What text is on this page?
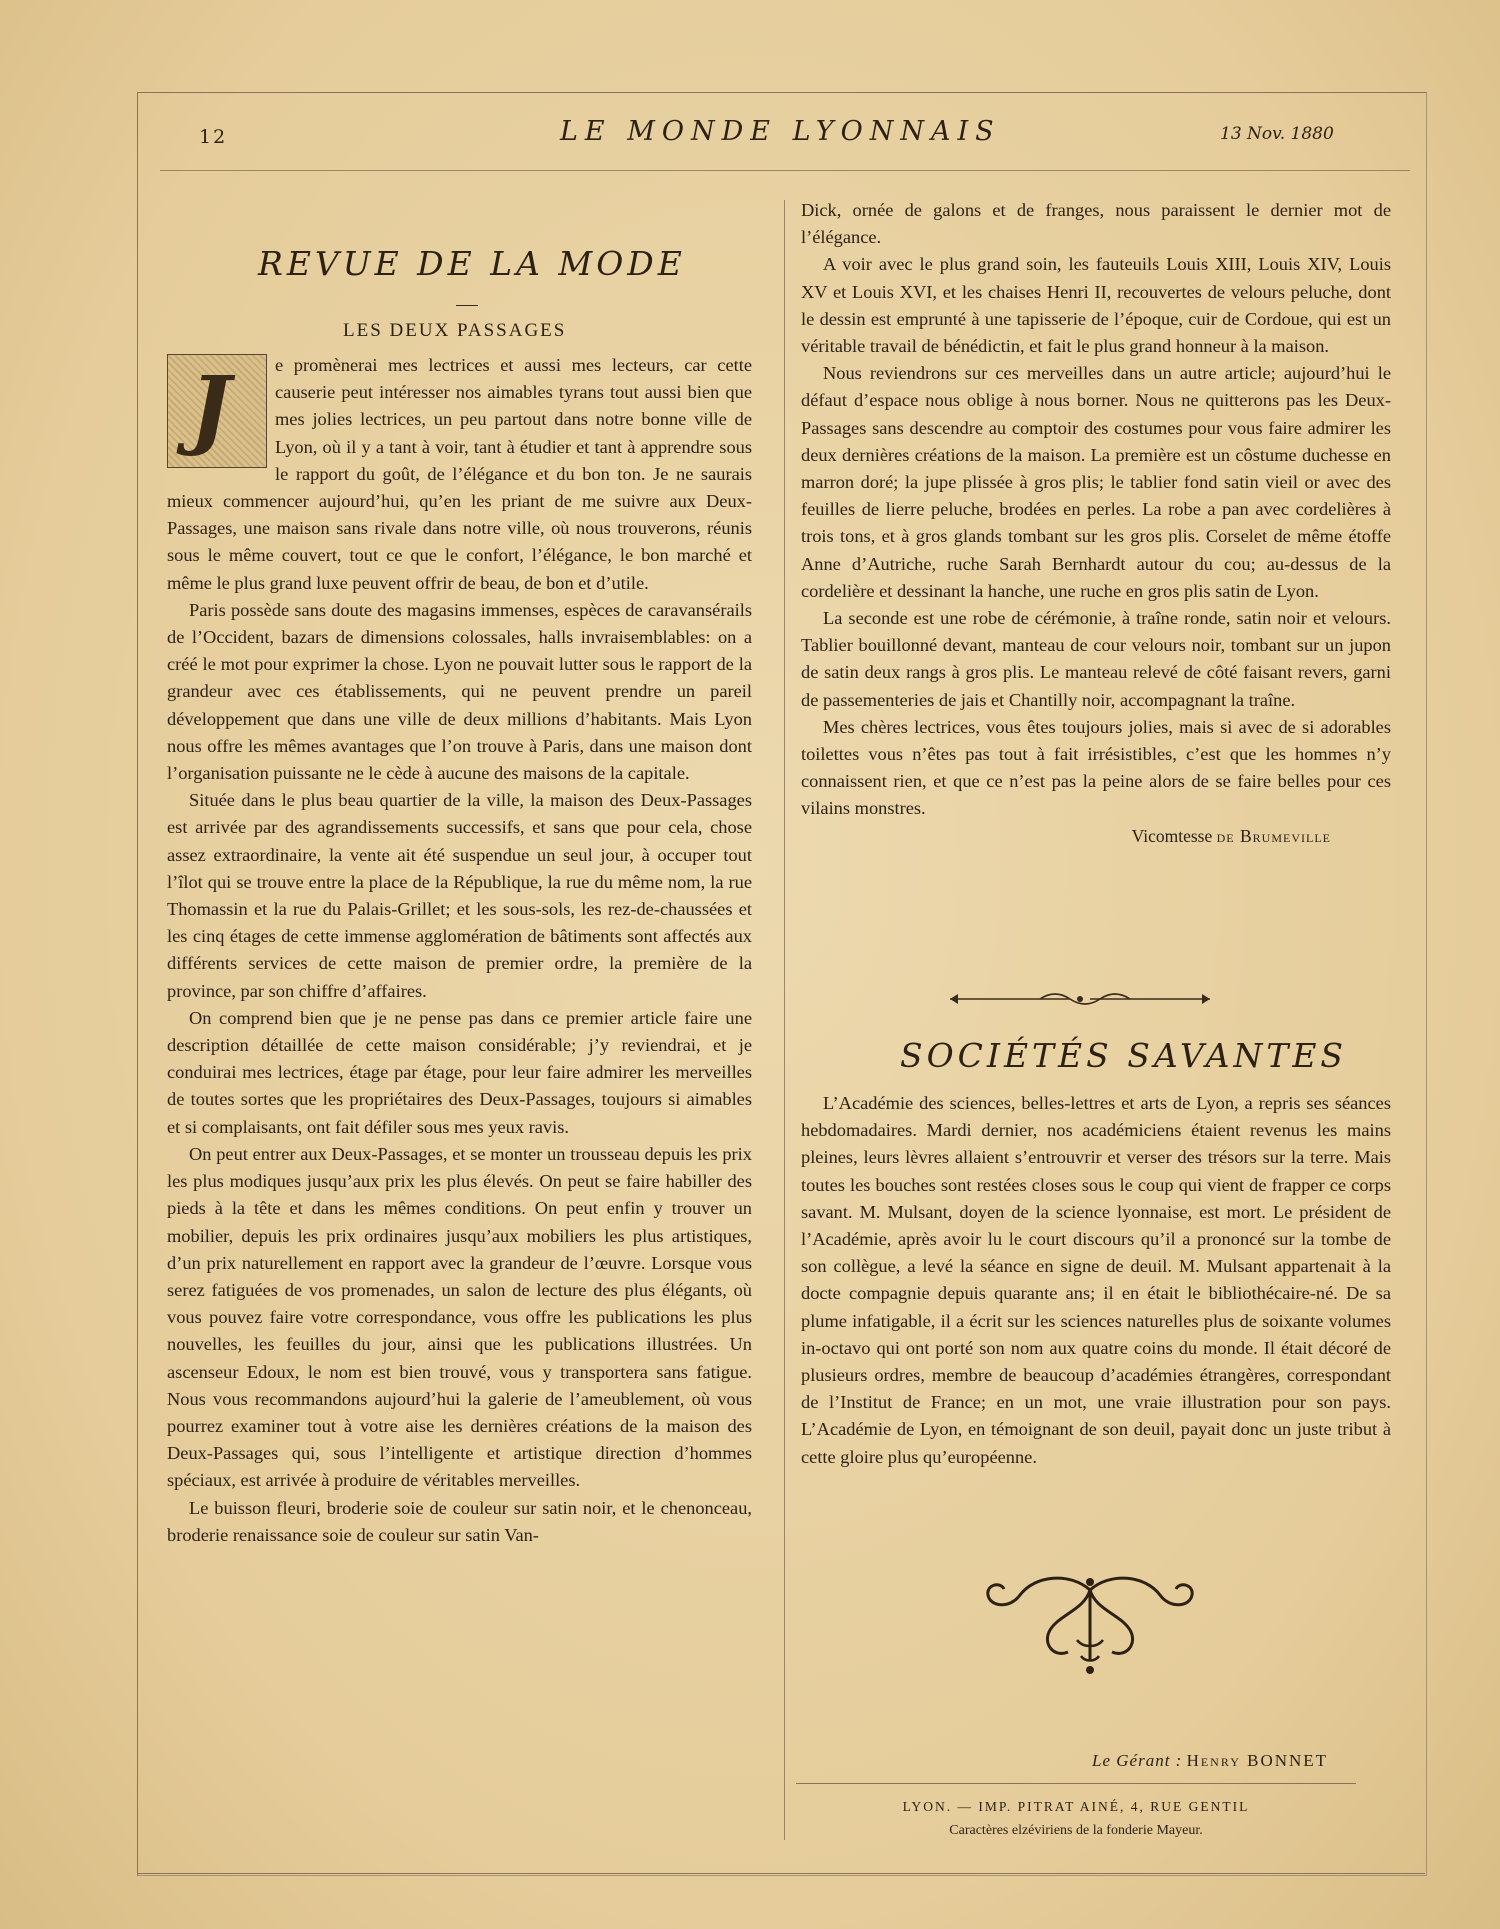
12	LE MONDE LYONNAIS	13 Nov. 1880
REVUE DE LA MODE
LES DEUX PASSAGES

J e promènerai mes lectrices et aussi mes lecteurs, car cette causerie peut intéresser nos aimables tyrans tout aussi bien que mes jolies lectrices, un peu partout dans notre bonne ville de Lyon, où il y a tant à voir, tant à étudier et tant à apprendre sous le rapport du goût, de l’élégance et du bon ton. Je ne saurais mieux commencer aujourd’hui, qu’en les priant de me suivre aux Deux-Passages, une maison sans rivale dans notre ville, où nous trouverons, réunis sous le même couvert, tout ce que le confort, l’élégance, le bon marché et même le plus grand luxe peuvent offrir de beau, de bon et d’utile.

Paris possède sans doute des magasins immenses, espèces de caravansérails de l’Occident, bazars de dimensions colossales, halls invraisemblables: on a créé le mot pour exprimer la chose. Lyon ne pouvait lutter sous le rapport de la grandeur avec ces établissements, qui ne peuvent prendre un pareil développement que dans une ville de deux millions d’habitants. Mais Lyon nous offre les mêmes avantages que l’on trouve à Paris, dans une maison dont l’organisation puissante ne le cède à aucune des maisons de la capitale.

Située dans le plus beau quartier de la ville, la maison des Deux-Passages est arrivée par des agrandissements successifs, et sans que pour cela, chose assez extraordinaire, la vente ait été suspendue un seul jour, à occuper tout l’îlot qui se trouve entre la place de la République, la rue du même nom, la rue Thomassin et la rue du Palais-Grillet; et les sous-sols, les rez-de-chaussées et les cinq étages de cette immense agglomération de bâtiments sont affectés aux différents services de cette maison de premier ordre, la première de la province, par son chiffre d’affaires.

On comprend bien que je ne pense pas dans ce premier article faire une description détaillée de cette maison considérable; j’y reviendrai, et je conduirai mes lectrices, étage par étage, pour leur faire admirer les merveilles de toutes sortes que les propriétaires des Deux-Passages, toujours si aimables et si complaisants, ont fait défiler sous mes yeux ravis.

On peut entrer aux Deux-Passages, et se monter un trousseau depuis les prix les plus modiques jusqu’aux prix les plus élevés. On peut se faire habiller des pieds à la tête et dans les mêmes conditions. On peut enfin y trouver un mobilier, depuis les prix ordinaires jusqu’aux mobiliers les plus artistiques, d’un prix naturellement en rapport avec la grandeur de l’œuvre. Lorsque vous serez fatiguées de vos promenades, un salon de lecture des plus élégants, où vous pouvez faire votre correspondance, vous offre les publications les plus nouvelles, les feuilles du jour, ainsi que les publications illustrées. Un ascenseur Edoux, le nom est bien trouvé, vous y transportera sans fatigue. Nous vous recommandons aujourd’hui la galerie de l’ameublement, où vous pourrez examiner tout à votre aise les dernières créations de la maison des Deux-Passages qui, sous l’intelligente et artistique direction d’hommes spéciaux, est arrivée à produire de véritables merveilles.

Le buisson fleuri, broderie soie de couleur sur satin noir, et le chenonceau, broderie renaissance soie de couleur sur satin Van-

Dick, ornée de galons et de franges, nous paraissent le dernier mot de l’élégance.

A voir avec le plus grand soin, les fauteuils Louis XIII, Louis XIV, Louis XV et Louis XVI, et les chaises Henri II, recouvertes de velours peluche, dont le dessin est emprunté à une tapisserie de l’époque, cuir de Cordoue, qui est un véritable travail de bénédictin, et fait le plus grand honneur à la maison.

Nous reviendrons sur ces merveilles dans un autre article; aujourd’hui le défaut d’espace nous oblige à nous borner. Nous ne quitterons pas les Deux-Passages sans descendre au comptoir des costumes pour vous faire admirer les deux dernières créations de la maison. La première est un côstume duchesse en marron doré; la jupe plissée à gros plis; le tablier fond satin vieil or avec des feuilles de lierre peluche, brodées en perles. La robe a pan avec cordelières à trois tons, et à gros glands tombant sur les gros plis. Corselet de même étoffe Anne d’Autriche, ruche Sarah Bernhardt autour du cou; au-dessus de la cordelière et dessinant la hanche, une ruche en gros plis satin de Lyon.

La seconde est une robe de cérémonie, à traîne ronde, satin noir et velours. Tablier bouillonné devant, manteau de cour velours noir, tombant sur un jupon de satin deux rangs à gros plis. Le manteau relevé de côté faisant revers, garni de passementeries de jais et Chantilly noir, accompagnant la traîne.

Mes chères lectrices, vous êtes toujours jolies, mais si avec de si adorables toilettes vous n’êtes pas tout à fait irrésistibles, c’est que les hommes n’y connaissent rien, et que ce n’est pas la peine alors de se faire belles pour ces vilains monstres.

Vicomtesse de Brumeville

SOCIÉTÉS SAVANTES

L’Académie des sciences, belles-lettres et arts de Lyon, a repris ses séances hebdomadaires. Mardi dernier, nos académiciens étaient revenus les mains pleines, leurs lèvres allaient s’entrouvrir et verser des trésors sur la terre. Mais toutes les bouches sont restées closes sous le coup qui vient de frapper ce corps savant. M. Mulsant, doyen de la science lyonnaise, est mort. Le président de l’Académie, après avoir lu le court discours qu’il a prononcé sur la tombe de son collègue, a levé la séance en signe de deuil. M. Mulsant appartenait à la docte compagnie depuis quarante ans; il en était le bibliothécaire-né. De sa plume infatigable, il a écrit sur les sciences naturelles plus de soixante volumes in-octavo qui ont porté son nom aux quatre coins du monde. Il était décoré de plusieurs ordres, membre de beaucoup d’académies étrangères, correspondant de l’Institut de France; en un mot, une vraie illustration pour son pays. L’Académie de Lyon, en témoignant de son deuil, payait donc un juste tribut à cette gloire plus qu’européenne.

Le Gérant : Henry BONNET
LYON. — IMP. PITRAT AINÉ, 4, RUE GENTIL
Caractères elzéviriens de la fonderie Mayeur.
